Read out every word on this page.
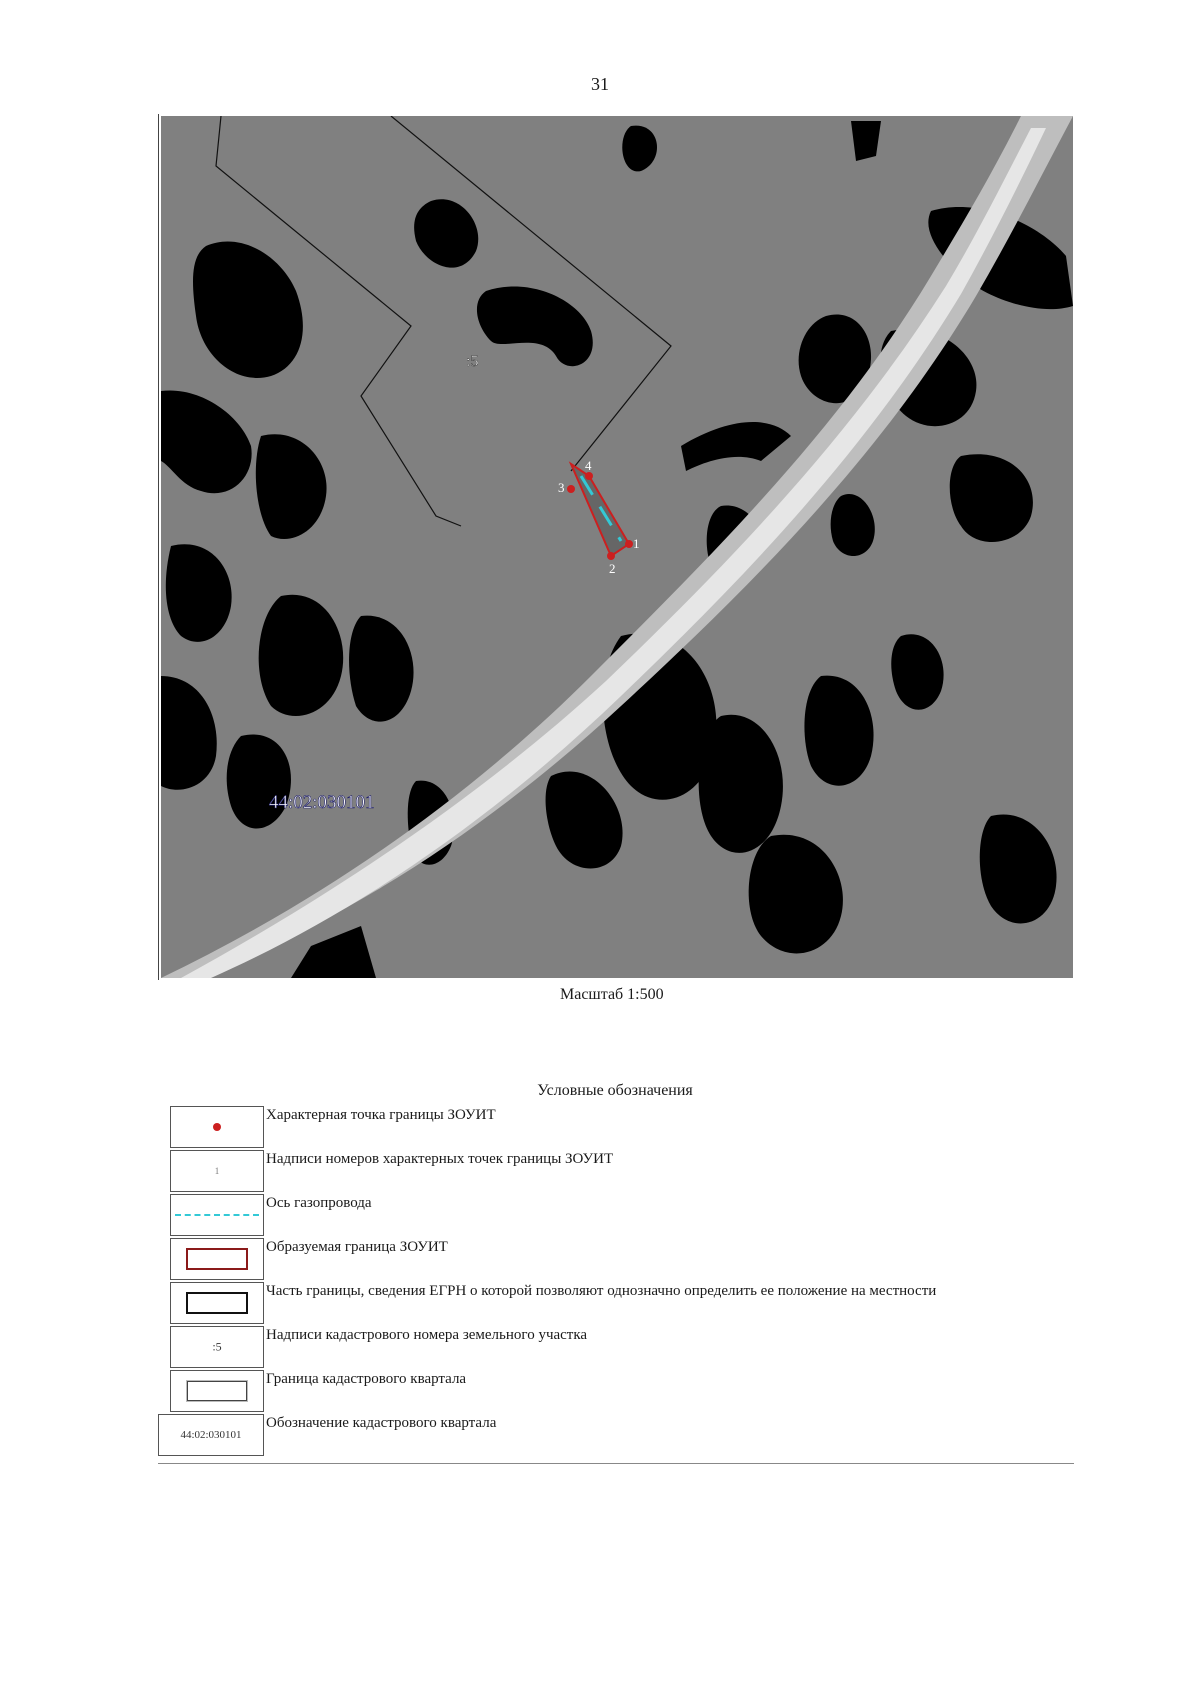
31
1
2
3
4
:5
44:02:030101
Масштаб 1:500
Условные обозначения
Характерная точка границы ЗОУИТ
1
Надписи номеров характерных точек границы ЗОУИТ
Ось газопровода
Образуемая граница ЗОУИТ
Часть границы, сведения ЕГРН о которой позволяют однозначно определить ее положение на местности
:5
Надписи кадастрового номера земельного участка
Граница кадастрового квартала
44:02:030101
Обозначение кадастрового квартала
